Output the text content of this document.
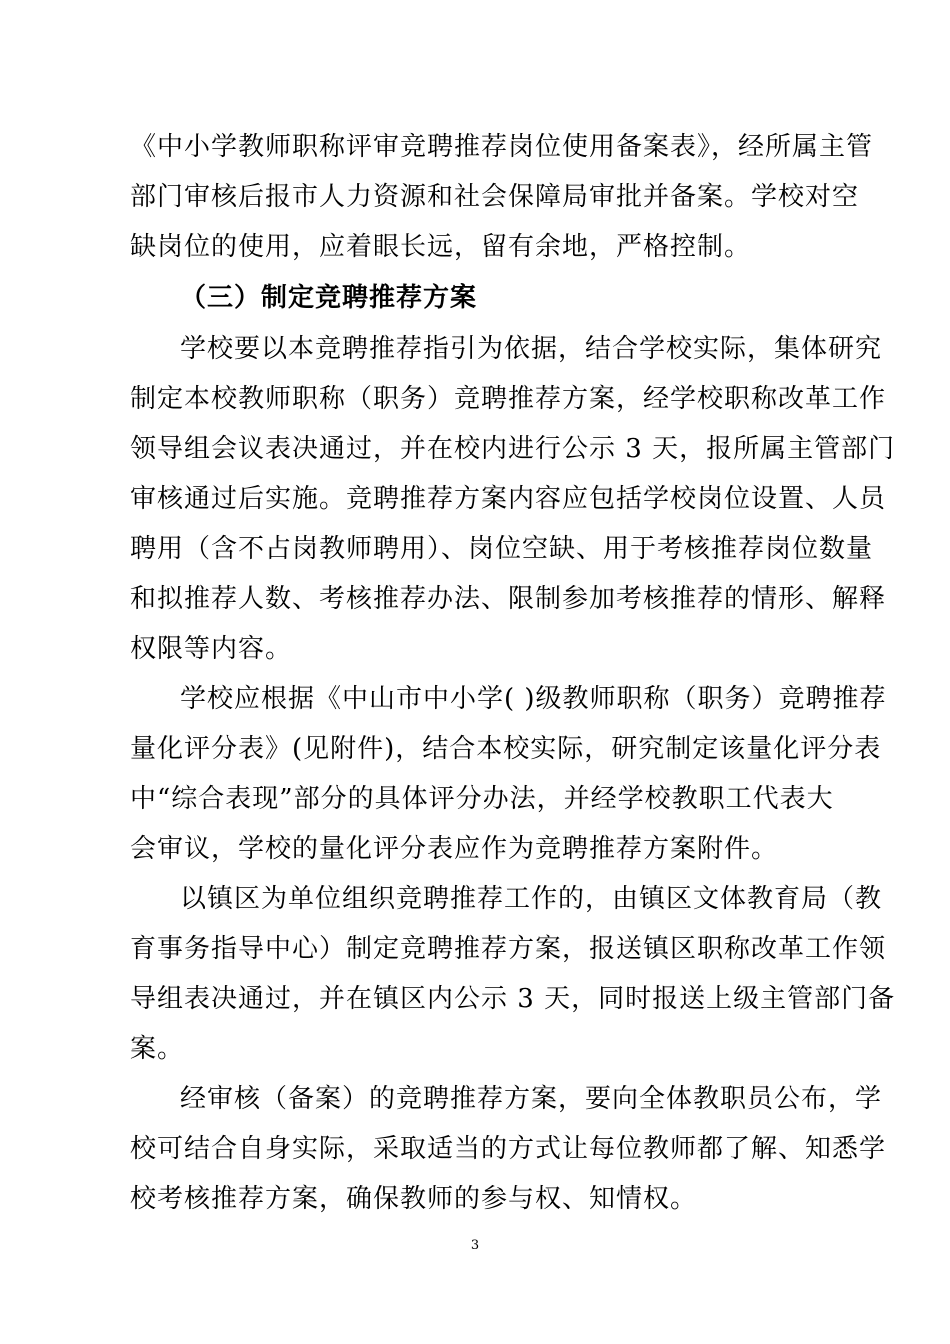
《中小学教师职称评审竞聘推荐岗位使用备案表》，经所属主管
部门审核后报市人力资源和社会保障局审批并备案。学校对空
缺岗位的使用，应着眼长远，留有余地，严格控制。
（三）制定竞聘推荐方案
学校要以本竞聘推荐指引为依据，结合学校实际，集体研究
制定本校教师职称（职务）竞聘推荐方案，经学校职称改革工作
领导组会议表决通过，并在校内进行公示 3 天，报所属主管部门
审核通过后实施。竞聘推荐方案内容应包括学校岗位设置、人员
聘用（含不占岗教师聘用）、岗位空缺、用于考核推荐岗位数量
和拟推荐人数、考核推荐办法、限制参加考核推荐的情形、解释
权限等内容。
学校应根据《中山市中小学( )级教师职称（职务）竞聘推荐
量化评分表》(见附件)，结合本校实际，研究制定该量化评分表
中“综合表现”部分的具体评分办法，并经学校教职工代表大
会审议，学校的量化评分表应作为竞聘推荐方案附件。
以镇区为单位组织竞聘推荐工作的，由镇区文体教育局（教
育事务指导中心）制定竞聘推荐方案，报送镇区职称改革工作领
导组表决通过，并在镇区内公示 3 天，同时报送上级主管部门备
案。
经审核（备案）的竞聘推荐方案，要向全体教职员公布，学
校可结合自身实际，采取适当的方式让每位教师都了解、知悉学
校考核推荐方案，确保教师的参与权、知情权。
3
